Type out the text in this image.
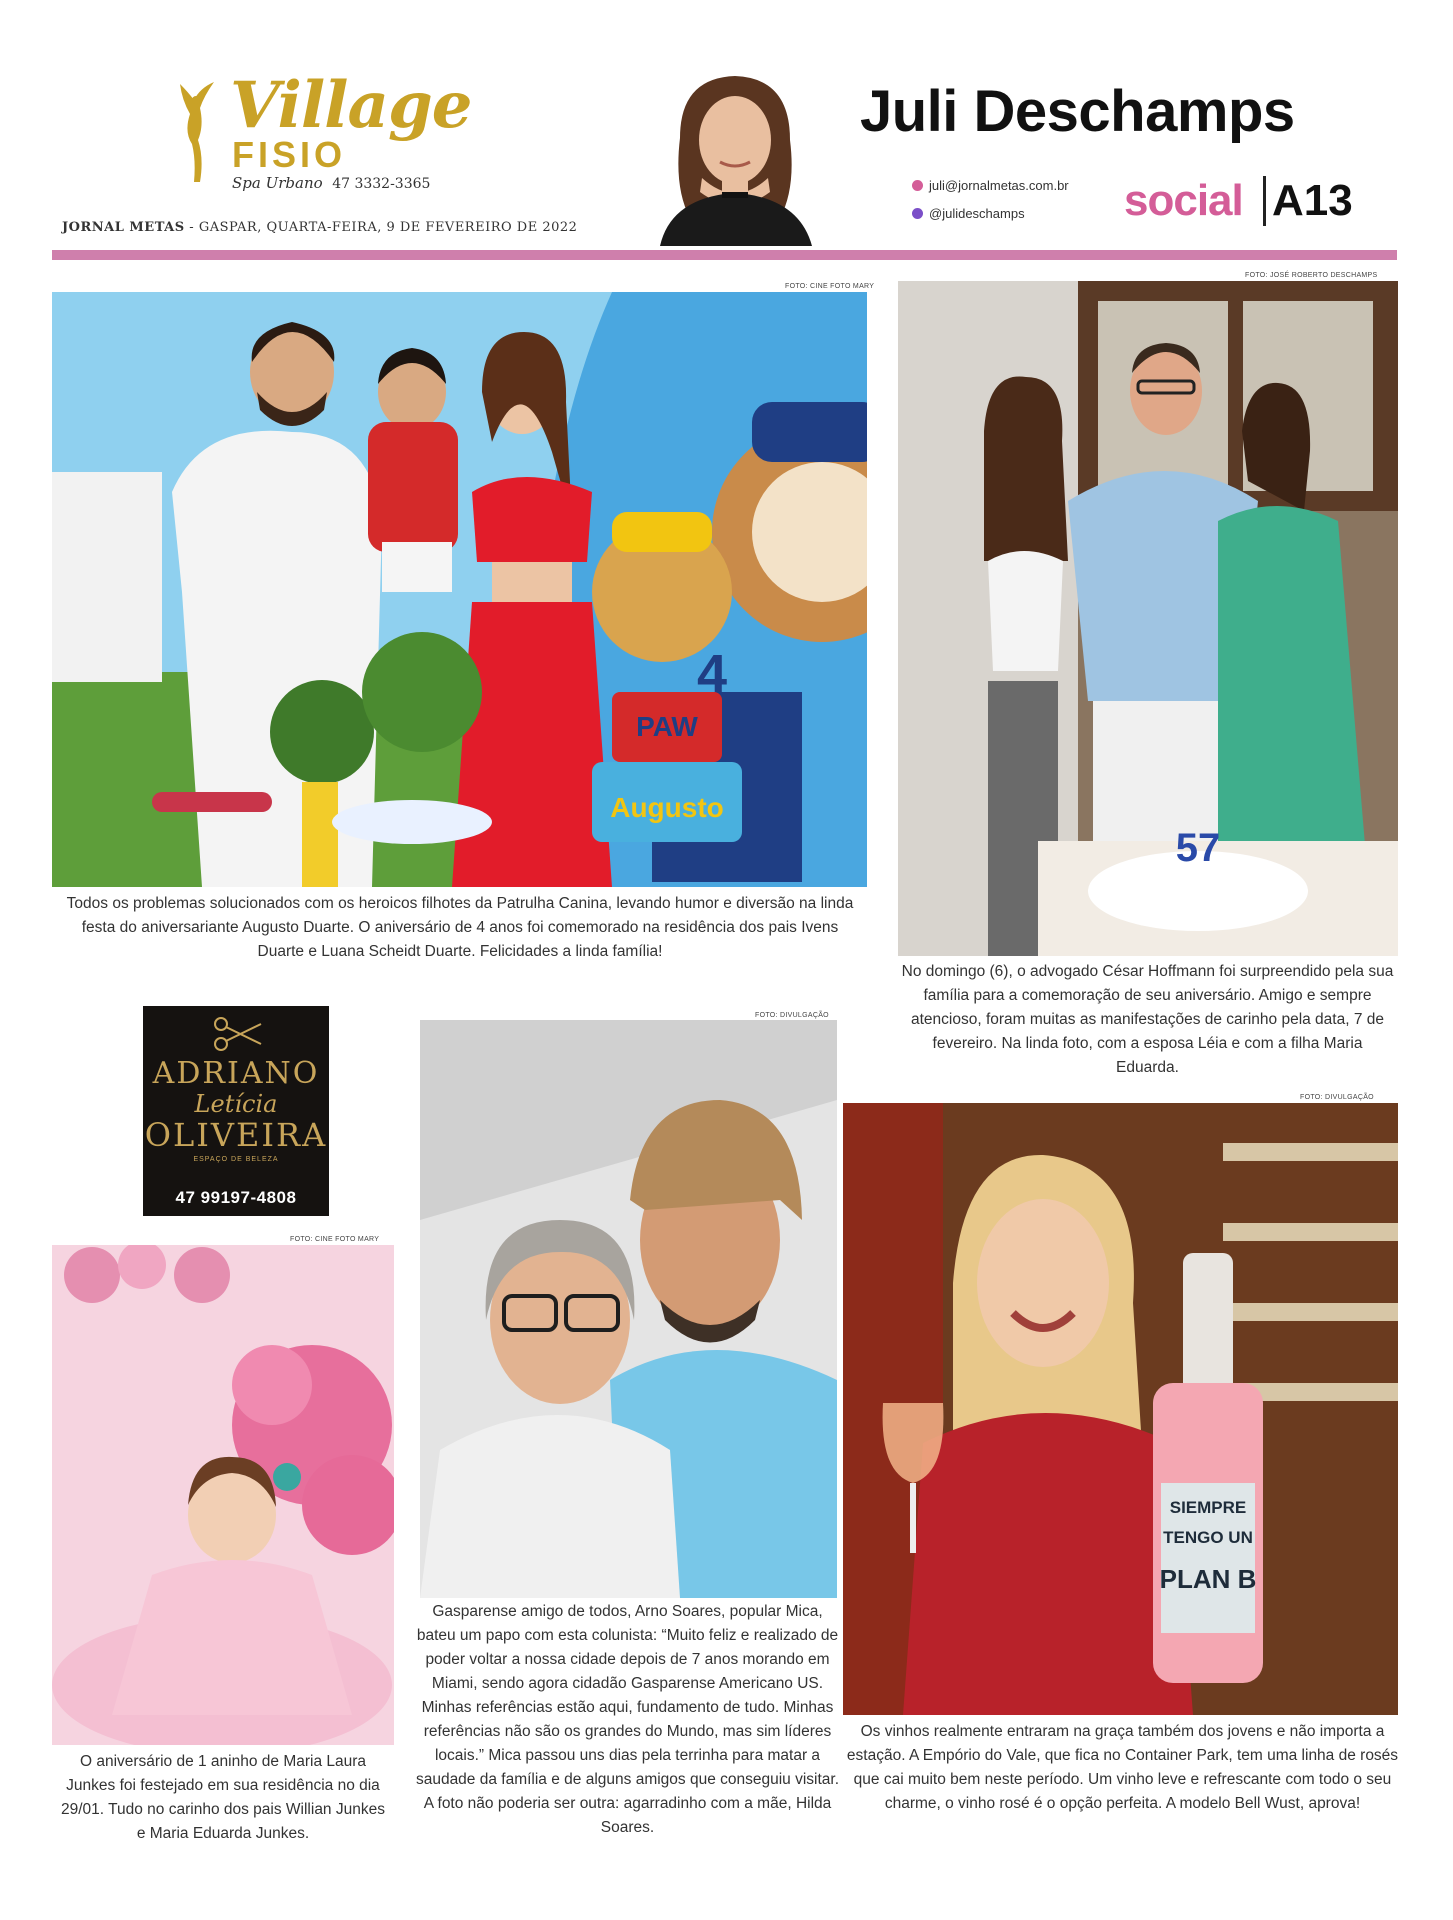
Village
FISIO
Spa Urbano 47 3332-3365
JORNAL METAS - GASPAR, QUARTA-FEIRA, 9 DE FEVEREIRO DE 2022
Juli Deschamps
juli@jornalmetas.com.br
@julideschamps social A13
FOTO: CINE FOTO MARY
PAW
4
Augusto
Todos os problemas solucionados com os heroicos filhotes da Patrulha Canina, levando humor e diversão na linda festa do aniversariante Augusto Duarte. O aniversário de 4 anos foi comemorado na residência dos pais Ivens Duarte e Luana Scheidt Duarte. Felicidades a linda família!
FOTO: JOSÉ ROBERTO DESCHAMPS
57
No domingo (6), o advogado César Hoffmann foi surpreendido pela sua família para a comemoração de seu aniversário. Amigo e sempre atencioso, foram muitas as manifestações de carinho pela data, 7 de fevereiro. Na linda foto, com a esposa Léia e com a filha Maria Eduarda.
ADRIANO
Letícia
OLIVEIRA
ESPAÇO DE BELEZA
47 99197-4808
FOTO: CINE FOTO MARY
O aniversário de 1 aninho de Maria Laura Junkes foi festejado em sua residência no dia 29/01. Tudo no carinho dos pais Willian Junkes e Maria Eduarda Junkes.
FOTO: DIVULGAÇÃO
Gasparense amigo de todos, Arno Soares, popular Mica, bateu um papo com esta colunista: “Muito feliz e realizado de poder voltar a nossa cidade depois de 7 anos morando em Miami, sendo agora cidadão Gasparense Americano US. Minhas referências estão aqui, fundamento de tudo. Minhas referências não são os grandes do Mundo, mas sim líderes locais.” Mica passou uns dias pela terrinha para matar a saudade da família e de alguns amigos que conseguiu visitar. A foto não poderia ser outra: agarradinho com a mãe, Hilda Soares.
FOTO: DIVULGAÇÃO
SIEMPRE
TENGO UN
PLAN B
Os vinhos realmente entraram na graça também dos jovens e não importa a estação. A Empório do Vale, que fica no Container Park, tem uma linha de rosés que cai muito bem neste período. Um vinho leve e refrescante com todo o seu charme, o vinho rosé é o opção perfeita. A modelo Bell Wust, aprova!
